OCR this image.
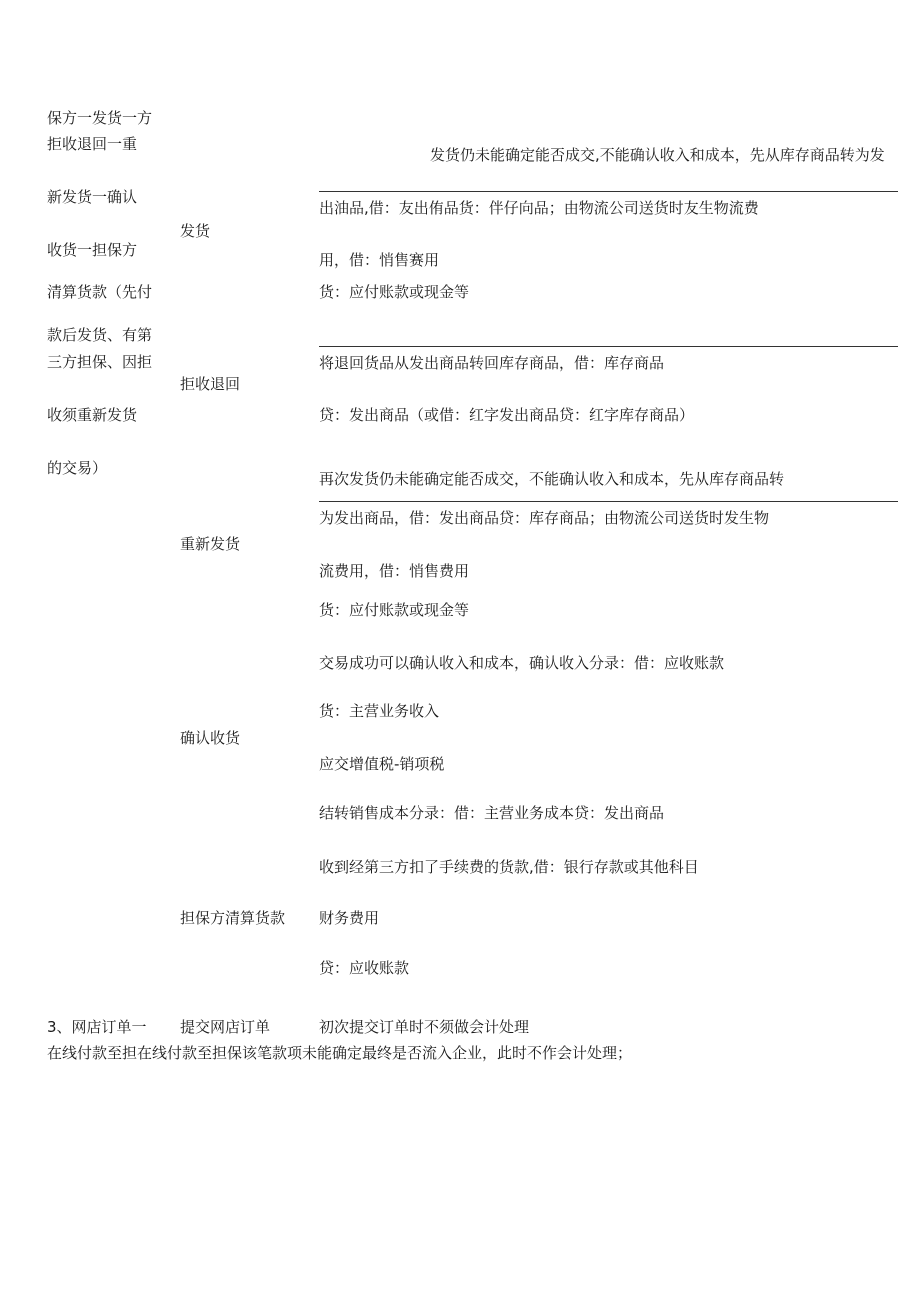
保方一发货一方
拒收退回一重
新发货一确认
收货一担保方
清算货款（先付
款后发货、有第
三方担保、因拒
收须重新发货
的交易）
发货
拒收退回
重新发货
确认收货
担保方清算货款
发货仍未能确定能否成交,不能确认收入和成本，先从库存商品转为发
出油品,借：友出侑品货：伴仔向品；由物流公司送货时友生物流费
用，借：悄售赛用
货：应付账款或现金等
将退回货品从发出商品转回库存商品，借：库存商品
贷：发出商品（或借：红字发出商品贷：红字库存商品）
再次发货仍未能确定能否成交，不能确认收入和成本，先从库存商品转
为发出商品，借：发出商品贷：库存商品；由物流公司送货时发生物
流费用，借：悄售费用
货：应付账款或现金等
交易成功可以确认收入和成本，确认收入分录：借：应收账款
货：主营业务收入
应交增值税-销项税
结转销售成本分录：借：主营业务成本贷：发出商品
收到经第三方扣了手续费的货款,借：银行存款或其他科目
财务费用
贷：应收账款
3、网店订单一 提交网店订单	初次提交订单时不须做会计处理
在线付款至担在线付款至担保该笔款项未能确定最终是否流入企业，此时不作会计处理；
